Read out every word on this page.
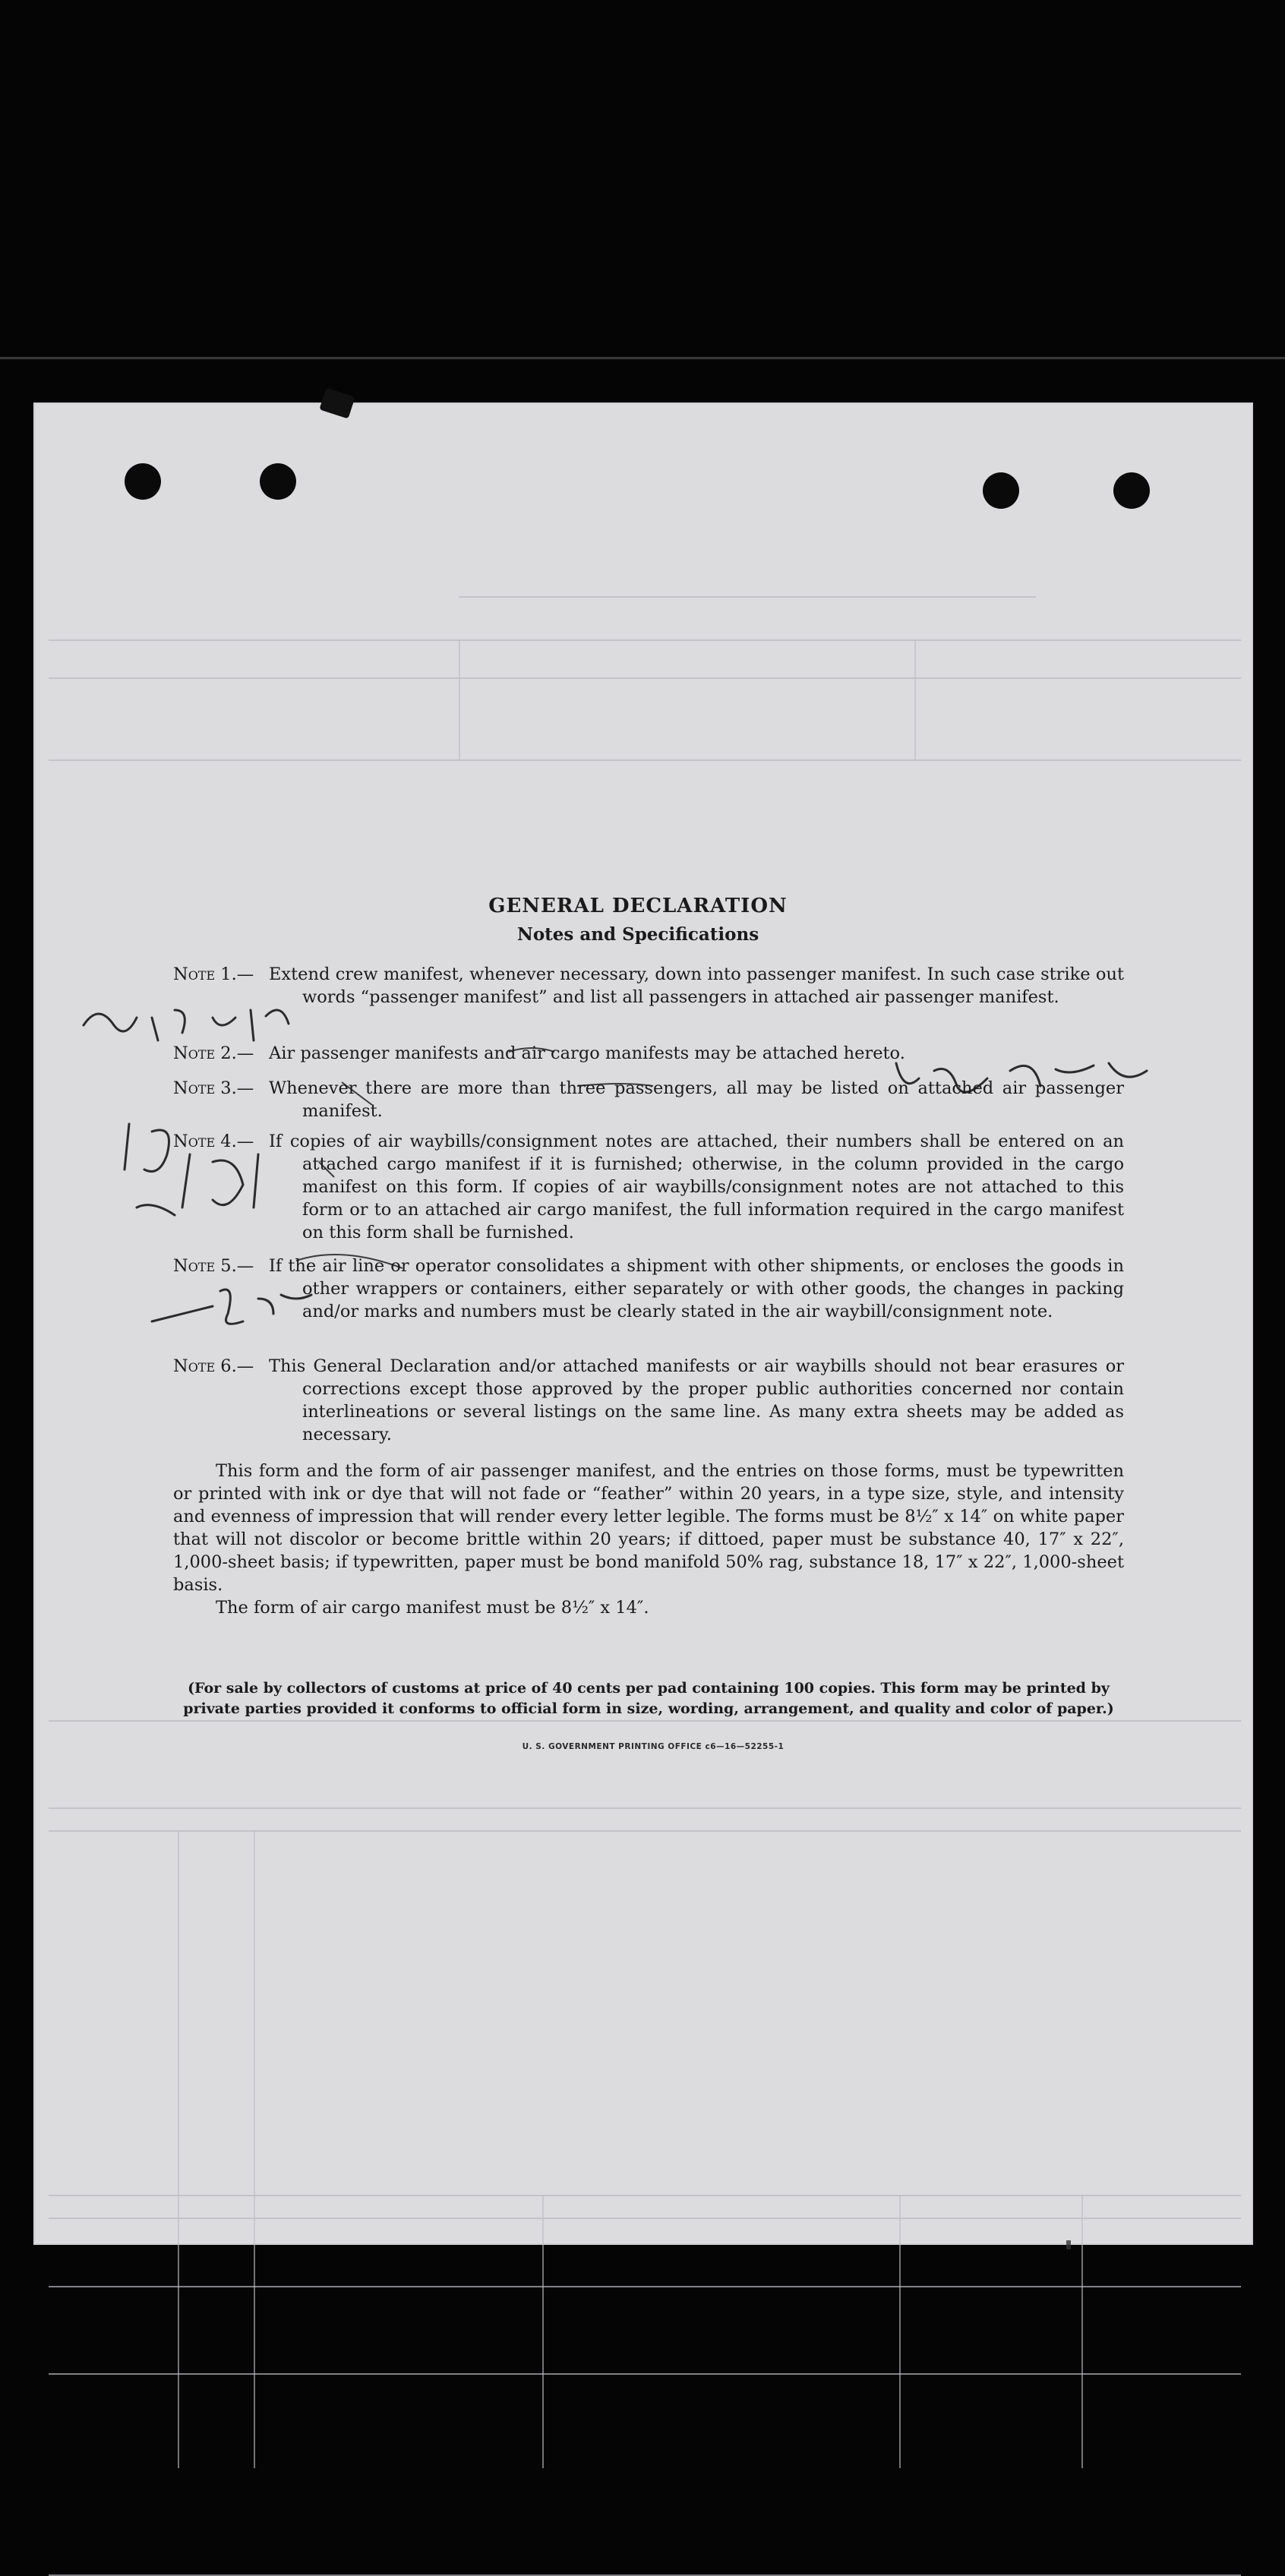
GENERAL DECLARATION
Notes and Specifications
Note 1.— Extend crew manifest, whenever necessary, down into passenger manifest. In such case strike out words “passenger manifest” and list all passengers in attached air passenger manifest.
Note 2.— Air passenger manifests and air cargo manifests may be attached hereto.
Note 3.— Whenever there are more than three passengers, all may be listed on attached air passenger manifest.
Note 4.— If copies of air waybills/consignment notes are attached, their numbers shall be entered on an attached cargo manifest if it is furnished; otherwise, in the column provided in the cargo manifest on this form. If copies of air waybills/consignment notes are not attached to this form or to an attached air cargo manifest, the full information required in the cargo manifest on this form shall be furnished.
Note 5.— If the air line or operator consolidates a shipment with other shipments, or encloses the goods in other wrappers or containers, either separately or with other goods, the changes in packing and/or marks and numbers must be clearly stated in the air waybill/consignment note.
Note 6.— This General Declaration and/or attached manifests or air waybills should not bear erasures or corrections except those approved by the proper public authorities concerned nor contain interlineations or several listings on the same line. As many extra sheets may be added as necessary.

This form and the form of air passenger manifest, and the entries on those forms, must be typewritten or printed with ink or dye that will not fade or “feather” within 20 years, in a type size, style, and intensity and evenness of impression that will render every letter legible. The forms must be 8½″ x 14″ on white paper that will not discolor or become brittle within 20 years; if dittoed, paper must be substance 40, 17″ x 22″, 1,000-sheet basis; if typewritten, paper must be bond manifold 50% rag, substance 18, 17″ x 22″, 1,000-sheet basis.

The form of air cargo manifest must be 8½″ x 14″.

(For sale by collectors of customs at price of 40 cents per pad containing 100 copies. This form may be printed by private parties provided it conforms to official form in size, wording, arrangement, and quality and color of paper.)
U. S. GOVERNMENT PRINTING OFFICE c6—16—52255-1
